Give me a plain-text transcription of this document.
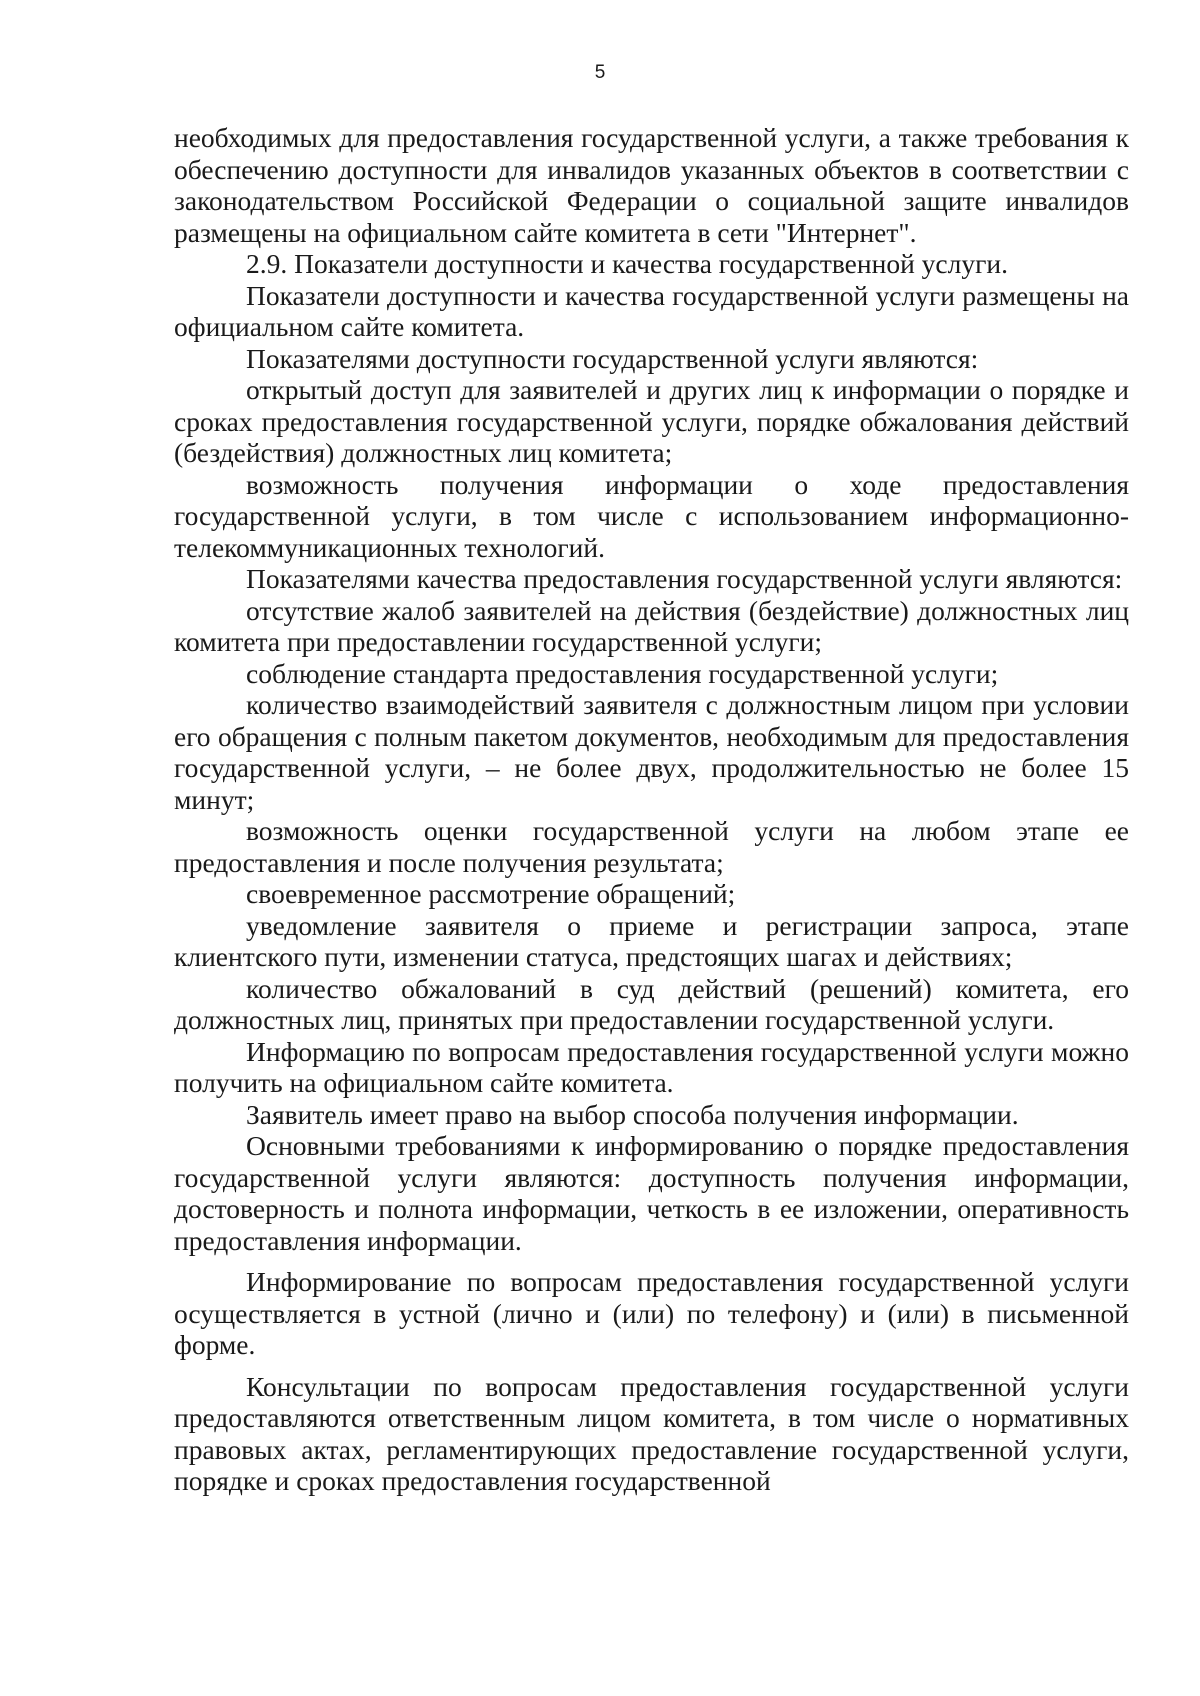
5

необходимых для предоставления государственной услуги, а также требования к обеспечению доступности для инвалидов указанных объектов в соответствии с законодательством Российской Федерации о социальной защите инвалидов размещены на официальном сайте комитета в сети "Интернет".

2.9. Показатели доступности и качества государственной услуги.

Показатели доступности и качества государственной услуги размещены на официальном сайте комитета.

Показателями доступности государственной услуги являются:

открытый доступ для заявителей и других лиц к информации о порядке и сроках предоставления государственной услуги, порядке обжалования действий (бездействия) должностных лиц комитета;

возможность получения информации о ходе предоставления государственной услуги, в том числе с использованием информационно-телекоммуникационных технологий.

Показателями качества предоставления государственной услуги являются:

отсутствие жалоб заявителей на действия (бездействие) должностных лиц комитета при предоставлении государственной услуги;

соблюдение стандарта предоставления государственной услуги;

количество взаимодействий заявителя с должностным лицом при условии его обращения с полным пакетом документов, необходимым для предоставления государственной услуги, – не более двух, продолжительностью не более 15 минут;

возможность оценки государственной услуги на любом этапе ее предоставления и после получения результата;

своевременное рассмотрение обращений;

уведомление заявителя о приеме и регистрации запроса, этапе клиентского пути, изменении статуса, предстоящих шагах и действиях;

количество обжалований в суд действий (решений) комитета, его должностных лиц, принятых при предоставлении государственной услуги.

Информацию по вопросам предоставления государственной услуги можно получить на официальном сайте комитета.

Заявитель имеет право на выбор способа получения информации.

Основными требованиями к информированию о порядке предоставления государственной услуги являются: доступность получения информации, достоверность и полнота информации, четкость в ее изложении, оперативность предоставления информации.

Информирование по вопросам предоставления государственной услуги осуществляется в устной (лично и (или) по телефону) и (или) в письменной форме.

Консультации по вопросам предоставления государственной услуги предоставляются ответственным лицом комитета, в том числе о нормативных правовых актах, регламентирующих предоставление государственной услуги, порядке и сроках предоставления государственной
